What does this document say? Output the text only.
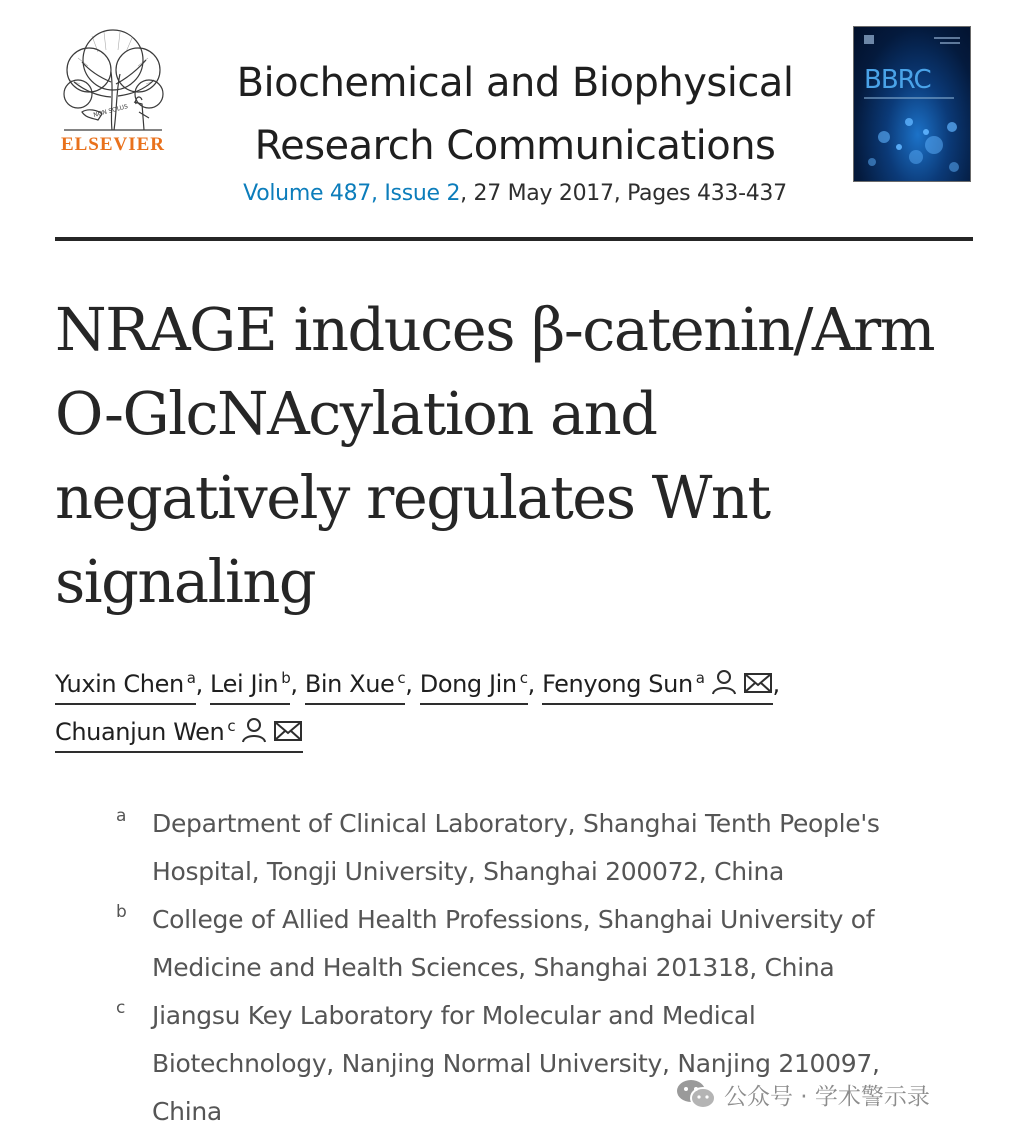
NON SOLUS
ELSEVIER
Biochemical and Biophysical
Research Communications
Volume 487, Issue 2, 27 May 2017, Pages 433-437
BBRC
NRAGE induces β-catenin/Arm
O-GlcNAcylation and
negatively regulates Wnt
signaling
Yuxin Chen $^a$, Lei Jin $^b$, Bin Xue $^c$, Dong Jin $^c$, Fenyong Sun $^a$	,
Chuanjun Wen $^c$
a Department of Clinical Laboratory, Shanghai Tenth People's
Hospital, Tongji University, Shanghai 200072, China
b College of Allied Health Professions, Shanghai University of
Medicine and Health Sciences, Shanghai 201318, China
c Jiangsu Key Laboratory for Molecular and Medical
Biotechnology, Nanjing Normal University, Nanjing 210097,
China
公众号 · 学术警示录
